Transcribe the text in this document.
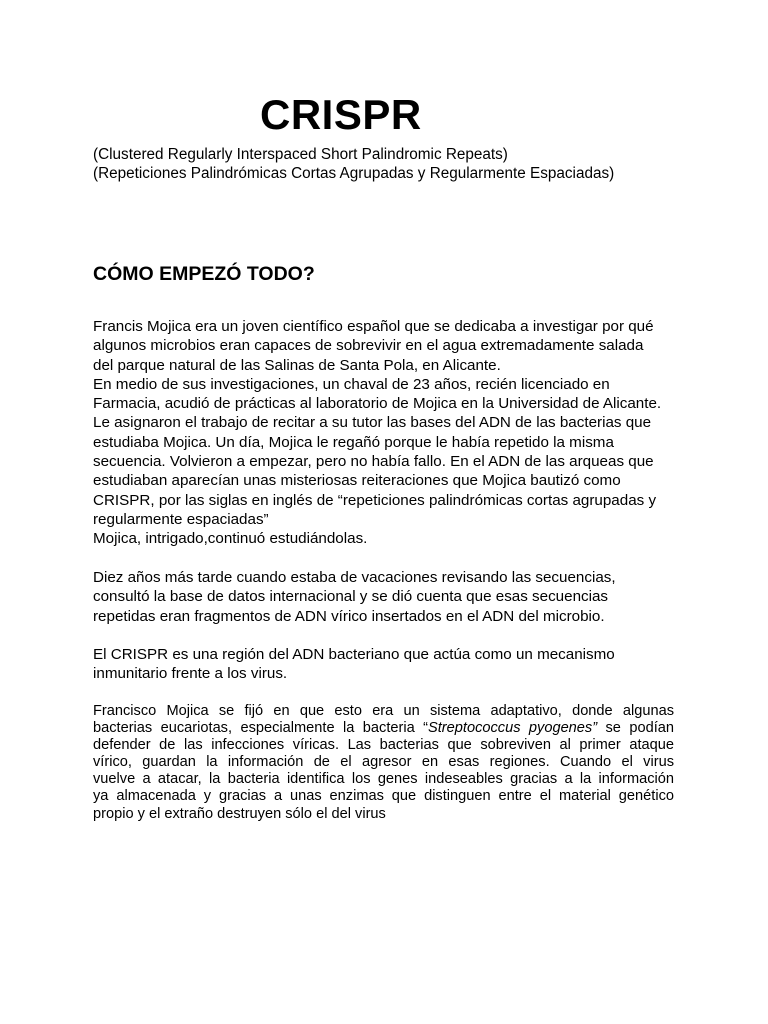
CRISPR

(Clustered Regularly Interspaced Short Palindromic Repeats)

(Repeticiones Palindrómicas Cortas Agrupadas y Regularmente Espaciadas)

CÓMO EMPEZÓ TODO?

Francis Mojica era un joven científico español que se dedicaba a investigar por qué
algunos microbios eran capaces de sobrevivir en el agua extremadamente salada
del parque natural de las Salinas de Santa Pola, en Alicante.
En medio de sus investigaciones, un chaval de 23 años, recién licenciado en
Farmacia, acudió de prácticas al laboratorio de Mojica en la Universidad de Alicante.
Le asignaron el trabajo de recitar a su tutor las bases del ADN de las bacterias que
estudiaba Mojica. Un día, Mojica le regañó porque le había repetido la misma
secuencia. Volvieron a empezar, pero no había fallo. En el ADN de las arqueas que
estudiaban aparecían unas misteriosas reiteraciones que Mojica bautizó como
CRISPR, por las siglas en inglés de “repeticiones palindrómicas cortas agrupadas y
regularmente espaciadas”
Mojica, intrigado,continuó estudiándolas.

Diez años más tarde cuando estaba de vacaciones revisando las secuencias,
consultó la base de datos internacional y se dió cuenta que esas secuencias
repetidas eran fragmentos de ADN vírico insertados en el ADN del microbio.

El CRISPR es una región del ADN bacteriano que actúa como un mecanismo
inmunitario frente a los virus.

Francisco Mojica se fijó en que esto era un sistema adaptativo, donde algunas
bacterias eucariotas, especialmente la bacteria “Streptococcus pyogenes” se podían
defender de las infecciones víricas. Las bacterias que sobreviven al primer ataque
vírico, guardan la información de el agresor en esas regiones. Cuando el virus
vuelve a atacar, la bacteria identifica los genes indeseables gracias a la información
ya almacenada y gracias a unas enzimas que distinguen entre el material genético
propio y el extraño destruyen sólo el del virus
